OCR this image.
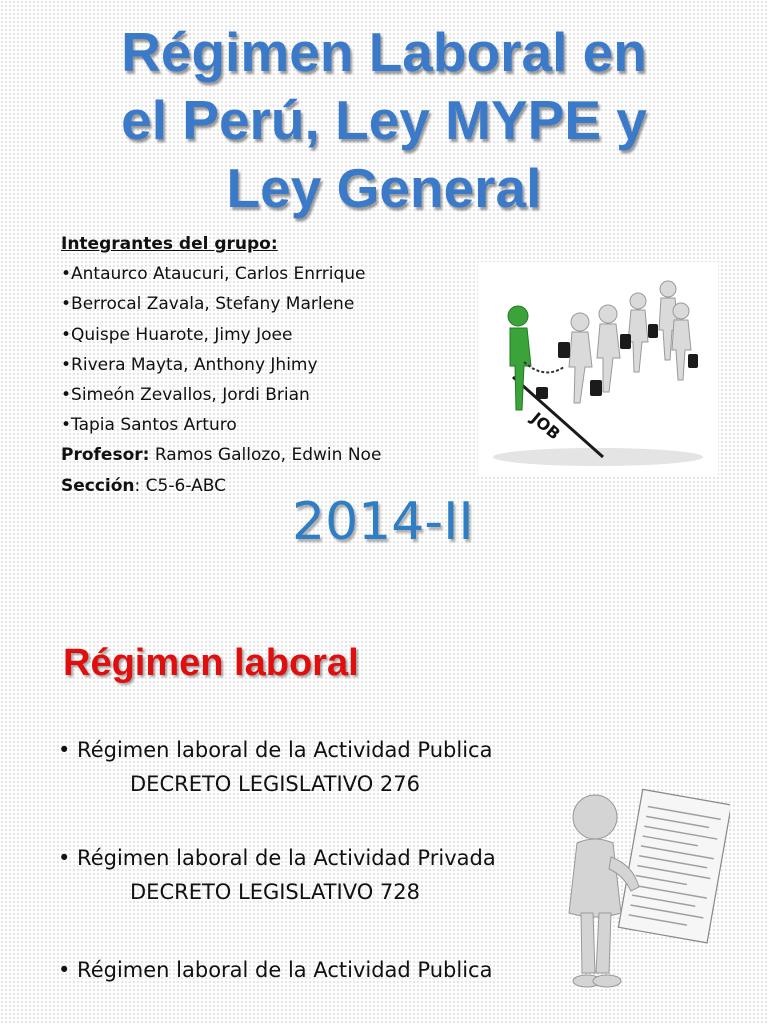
Régimen Laboral en
el Perú, Ley MYPE y
Ley General
Integrantes del grupo:
•Antaurco Ataucuri, Carlos Enrrique
•Berrocal Zavala, Stefany Marlene
•Quispe Huarote, Jimy Joee
•Rivera Mayta, Anthony Jhimy
•Simeón Zevallos, Jordi Brian
•Tapia Santos Arturo
Profesor: Ramos Gallozo, Edwin Noe
Sección: C5-6-ABC
JOB
2014-II
Régimen laboral
• Régimen laboral de la Actividad Publica
DECRETO LEGISLATIVO 276
• Régimen laboral de la Actividad Privada
DECRETO LEGISLATIVO 728
• Régimen laboral de la Actividad Publica
